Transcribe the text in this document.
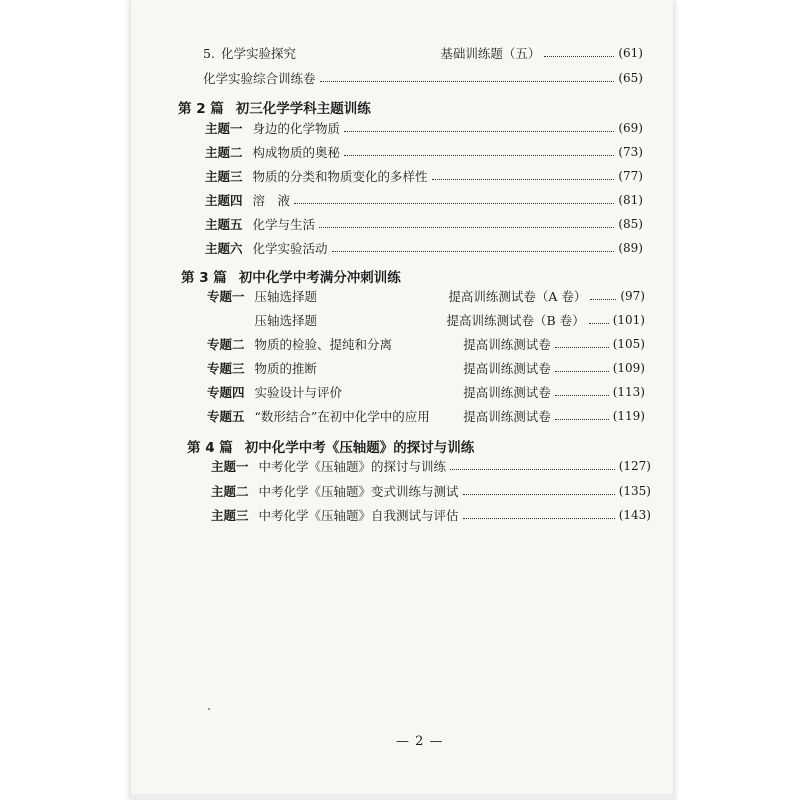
5. 化学实验探究	基础训练题（五）	(61)
化学实验综合训练卷	(65)
第 2 篇 初三化学学科主题训练
主题一 身边的化学物质	(69)
主题二 构成物质的奥秘	(73)
主题三 物质的分类和物质变化的多样性	(77)
主题四 溶　液	(81)
主题五 化学与生活	(85)
主题六 化学实验活动	(89)
第 3 篇 初中化学中考满分冲刺训练
专题一 压轴选择题	提高训练测试卷（A 卷）	(97)
压轴选择题	提高训练测试卷（B 卷） (101)
专题二 物质的检验、提纯和分离	提高训练测试卷	(105)
专题三 物质的推断	提高训练测试卷	(109)
专题四 实验设计与评价	提高训练测试卷	(113)
专题五 “数形结合”在初中化学中的应用	提高训练测试卷	(119)
第 4 篇 初中化学中考《压轴题》的探讨与训练
主题一 中考化学《压轴题》的探讨与训练	(127)
主题二 中考化学《压轴题》变式训练与测试	(135)
主题三 中考化学《压轴题》自我测试与评估	(143)
— 2 —
